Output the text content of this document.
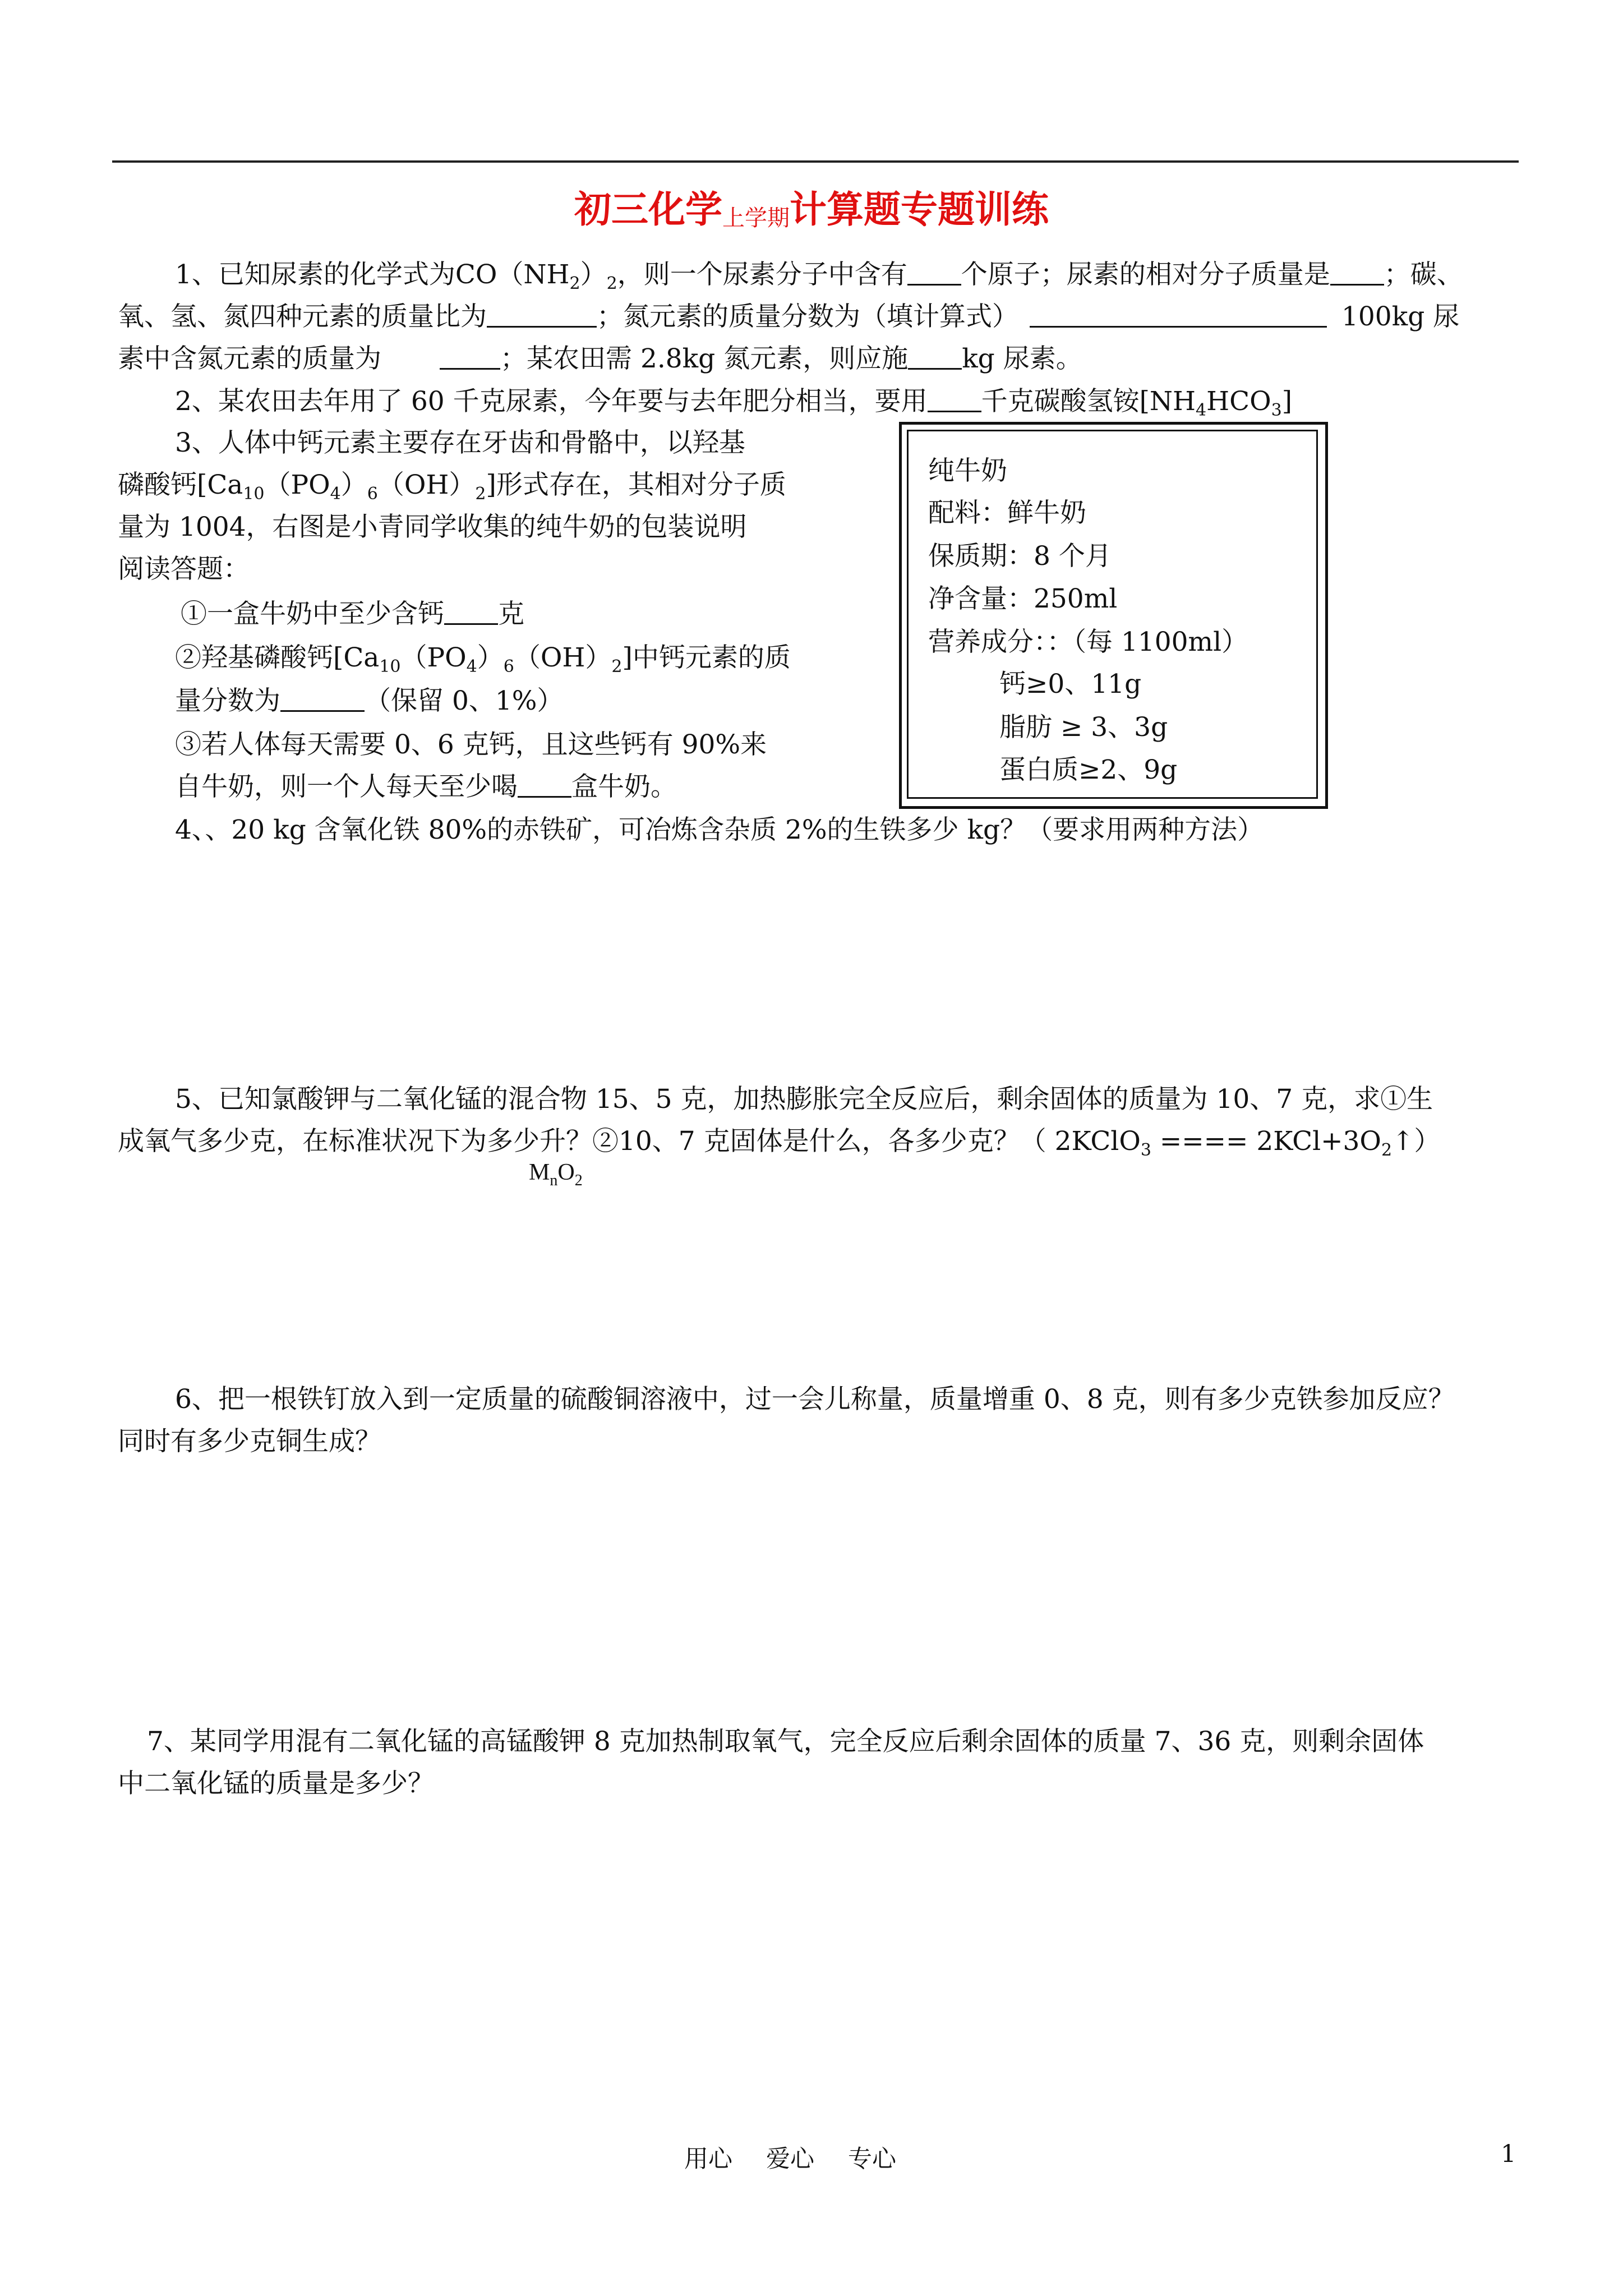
初三化学上学期计算题专题训练
1、已知尿素的化学式为$CO(NH_2)_2$，则一个尿素分子中含有 个原子；尿素的相对分子质量是 ；碳、
氧、氢、氮四种元素的质量比为	；氮元素的质量分数为（填计算式）	100kg 尿
素中含氮元素的质量为	；某农田需 2.8kg 氮元素，则应施 kg 尿素。
2、某农田去年用了 60 千克尿素，今年要与去年肥分相当，要用 千克碳酸氢铵$[NH_4HCO_3]$
3、人体中钙元素主要存在牙齿和骨骼中，以羟基
磷酸钙$[Ca_{10}(PO_4)_6(OH)_2]$形式存在，其相对分子质
量为 1004，右图是小青同学收集的纯牛奶的包装说明
阅读答题：
①一盒牛奶中至少含钙 克
②羟基磷酸钙$[Ca_{10}(PO_4)_6(OH)_2]$中钙元素的质
量分数为	（保留 0、1%）
③若人体每天需要 0、6 克钙，且这些钙有 90%来
自牛奶，则一个人每天至少喝 盒牛奶。
纯牛奶
配料：鲜牛奶
保质期：8 个月
净含量：250ml
营养成分：：（每 1100ml）
钙≥0、11g
脂肪 ≥ 3、3g
蛋白质≥2、9g
4、、20 kg 含氧化铁 80%的赤铁矿，可冶炼含杂质 2%的生铁多少 kg？（要求用两种方法）
5、已知氯酸钾与二氧化锰的混合物 15、5 克，加热膨胀完全反应后，剩余固体的质量为 10、7 克，求①生
成氧气多少克，在标准状况下为多少升？②10、7 克固体是什么，各多少克？（ 2KClO$_3$ ==== $2KCl+3O_2↑$）
$M_nO_2$
6、把一根铁钉放入到一定质量的硫酸铜溶液中，过一会儿称量，质量增重 0、8 克，则有多少克铁参加反应？
同时有多少克铜生成？
7、某同学用混有二氧化锰的高锰酸钾 8 克加热制取氧气，完全反应后剩余固体的质量 7、36 克，则剩余固体
中二氧化锰的质量是多少？
用心 爱心 专心	1
